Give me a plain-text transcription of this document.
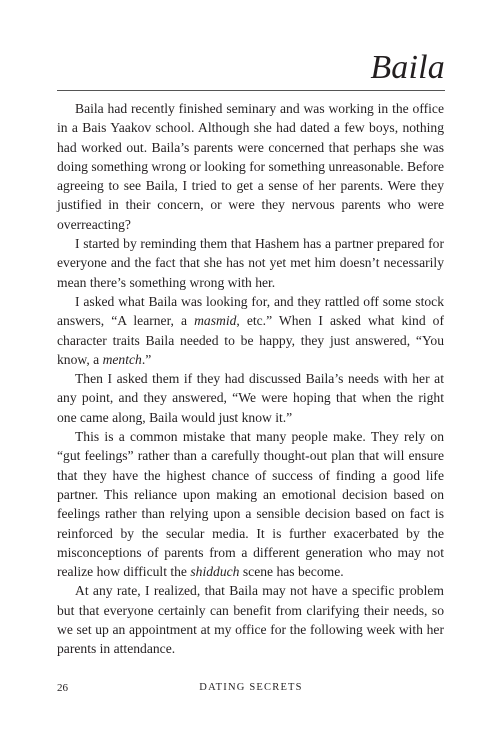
Baila

Baila had recently finished seminary and was working in the office in a Bais Yaakov school. Although she had dated a few boys, nothing had worked out. Baila’s parents were concerned that perhaps she was doing something wrong or looking for something unreasonable. Before agreeing to see Baila, I tried to get a sense of her parents. Were they justified in their concern, or were they nervous parents who were overreacting?

I started by reminding them that Hashem has a partner prepared for everyone and the fact that she has not yet met him doesn’t necessarily mean there’s something wrong with her.

I asked what Baila was looking for, and they rattled off some stock answers, “A learner, a masmid, etc.” When I asked what kind of character traits Baila needed to be happy, they just answered, “You know, a mentch.”

Then I asked them if they had discussed Baila’s needs with her at any point, and they answered, “We were hoping that when the right one came along, Baila would just know it.”

This is a common mistake that many people make. They rely on “gut feelings” rather than a carefully thought-out plan that will ensure that they have the highest chance of success of finding a good life partner. This reliance upon making an emotional decision based on feelings rather than relying upon a sensible decision based on fact is reinforced by the secular media. It is further exacerbated by the misconceptions of parents from a different generation who may not realize how difficult the shidduch scene has become.

At any rate, I realized, that Baila may not have a specific problem but that everyone certainly can benefit from clarifying their needs, so we set up an appointment at my office for the following week with her parents in attendance.

26	DATING SECRETS
